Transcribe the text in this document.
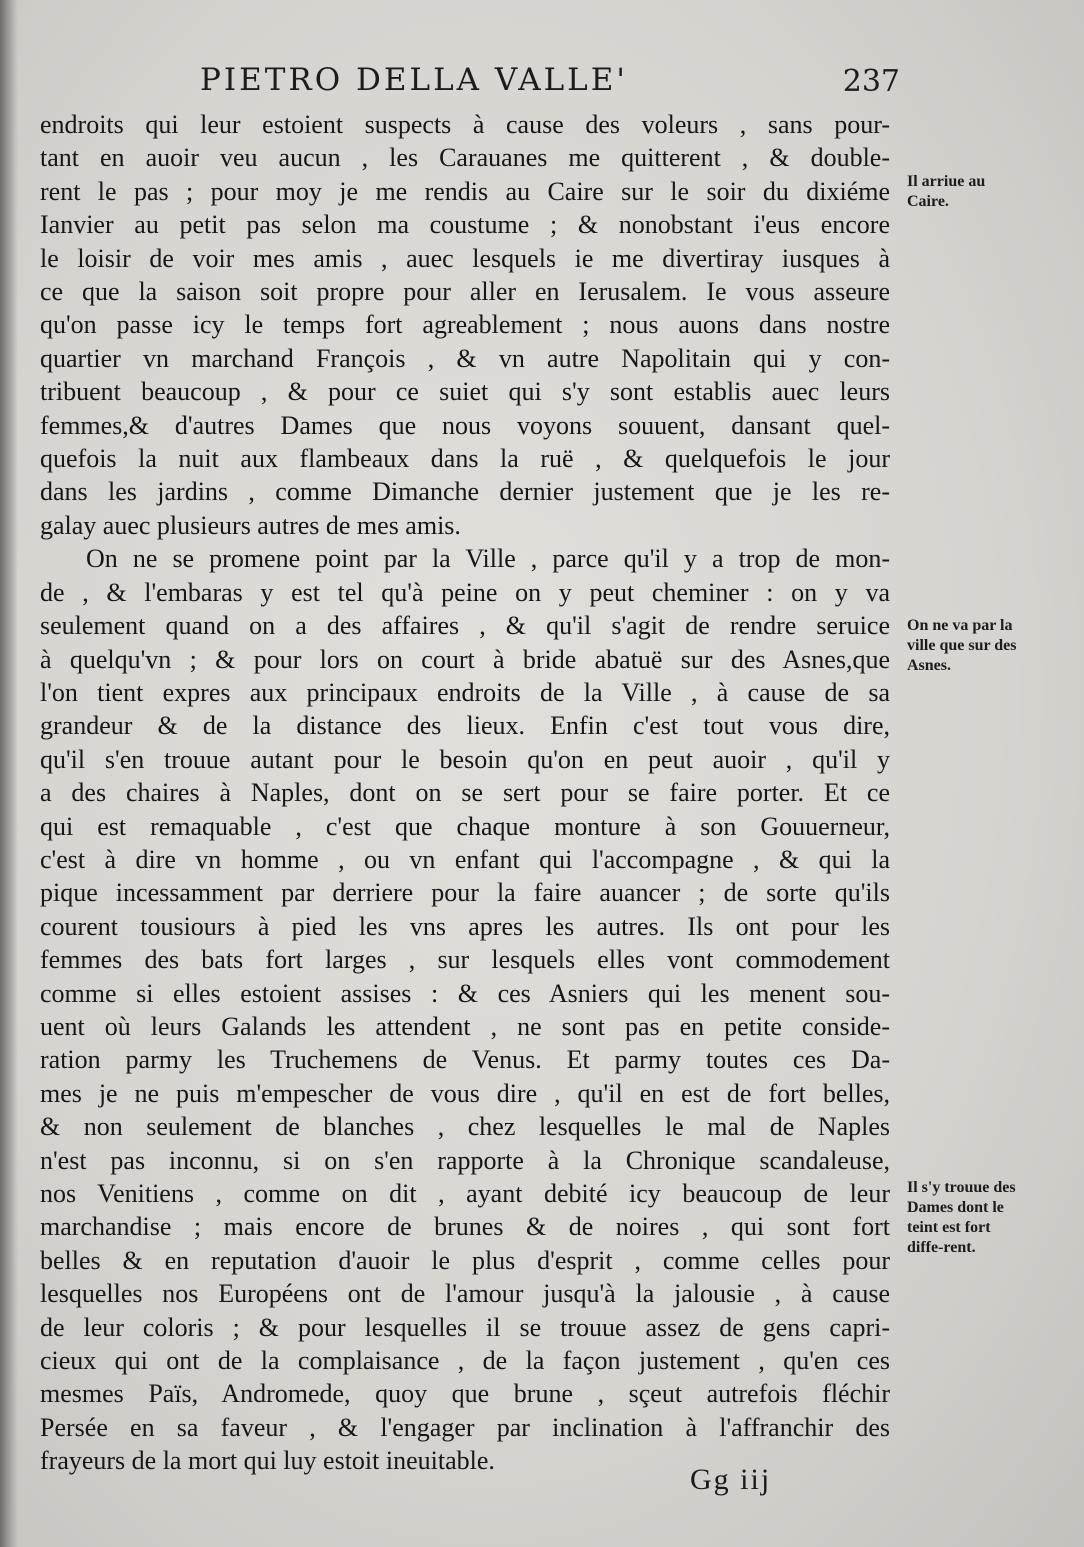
PIETRO DELLA VALLE'	237
endroits qui leur estoient suspects à cause des voleurs , sans pour-
tant en auoir veu aucun , les Carauanes me quitterent , & double-
rent le pas ; pour moy je me rendis au Caire sur le soir du dixiéme
Ianvier au petit pas selon ma coustume ; & nonobstant i'eus encore
le loisir de voir mes amis , auec lesquels ie me divertiray iusques à
ce que la saison soit propre pour aller en Ierusalem. Ie vous asseure
qu'on passe icy le temps fort agreablement ; nous auons dans nostre
quartier vn marchand François , & vn autre Napolitain qui y con-
tribuent beaucoup , & pour ce suiet qui s'y sont establis auec leurs
femmes,& d'autres Dames que nous voyons souuent, dansant quel-
quefois la nuit aux flambeaux dans la ruë , & quelquefois le jour
dans les jardins , comme Dimanche dernier justement que je les re-
galay auec plusieurs autres de mes amis.
On ne se promene point par la Ville , parce qu'il y a trop de mon-
de , & l'embaras y est tel qu'à peine on y peut cheminer : on y va
seulement quand on a des affaires , & qu'il s'agit de rendre seruice
à quelqu'vn ; & pour lors on court à bride abatuë sur des Asnes,que
l'on tient expres aux principaux endroits de la Ville , à cause de sa
grandeur & de la distance des lieux. Enfin c'est tout vous dire,
qu'il s'en trouue autant pour le besoin qu'on en peut auoir , qu'il y
a des chaires à Naples, dont on se sert pour se faire porter. Et ce
qui est remaquable , c'est que chaque monture à son Gouuerneur,
c'est à dire vn homme , ou vn enfant qui l'accompagne , & qui la
pique incessamment par derriere pour la faire auancer ; de sorte qu'ils
courent tousiours à pied les vns apres les autres. Ils ont pour les
femmes des bats fort larges , sur lesquels elles vont commodement
comme si elles estoient assises : & ces Asniers qui les menent sou-
uent où leurs Galands les attendent , ne sont pas en petite conside-
ration parmy les Truchemens de Venus. Et parmy toutes ces Da-
mes je ne puis m'empescher de vous dire , qu'il en est de fort belles,
& non seulement de blanches , chez lesquelles le mal de Naples
n'est pas inconnu, si on s'en rapporte à la Chronique scandaleuse,
nos Venitiens , comme on dit , ayant debité icy beaucoup de leur
marchandise ; mais encore de brunes & de noires , qui sont fort
belles & en reputation d'auoir le plus d'esprit , comme celles pour
lesquelles nos Européens ont de l'amour jusqu'à la jalousie , à cause
de leur coloris ; & pour lesquelles il se trouue assez de gens capri-
cieux qui ont de la complaisance , de la façon justement , qu'en ces
mesmes Païs, Andromede, quoy que brune , sçeut autrefois fléchir
Persée en sa faveur , & l'engager par inclination à l'affranchir des
frayeurs de la mort qui luy estoit ineuitable.
Il arriue au Caire.
On ne va par la ville que sur des Asnes.
Il s'y trouue des Dames dont le teint est fort diffe-rent.
Gg iij
